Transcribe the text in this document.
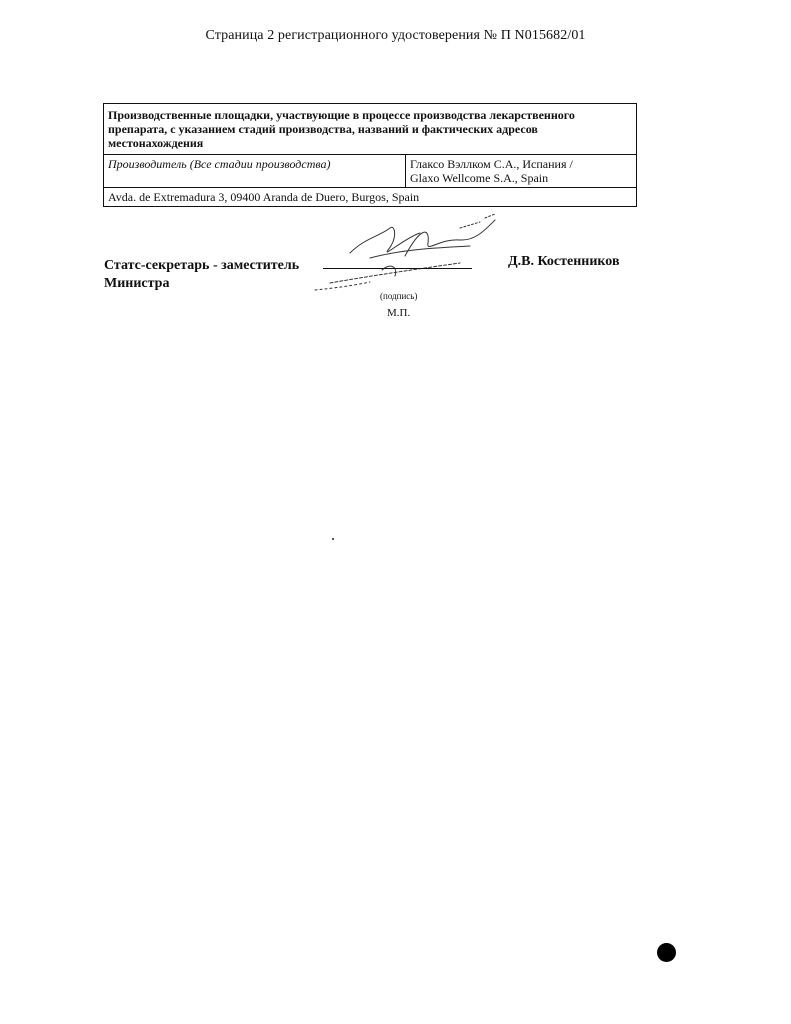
Страница 2 регистрационного удостоверения № П N015682/01
Производственные площадки, участвующие в процессе производства лекарственного препарата, с указанием стадий производства, названий и фактических адресов местонахождения
Производитель (Все стадии производства)	Глаксо Вэллком С.А., Испания /
Glaxo Wellcome S.A., Spain

Avda. de Extremadura 3, 09400 Aranda de Duero, Burgos, Spain
Статс-секретарь - заместитель
Министра
(подпись)
М.П.
Д.В. Костенников
